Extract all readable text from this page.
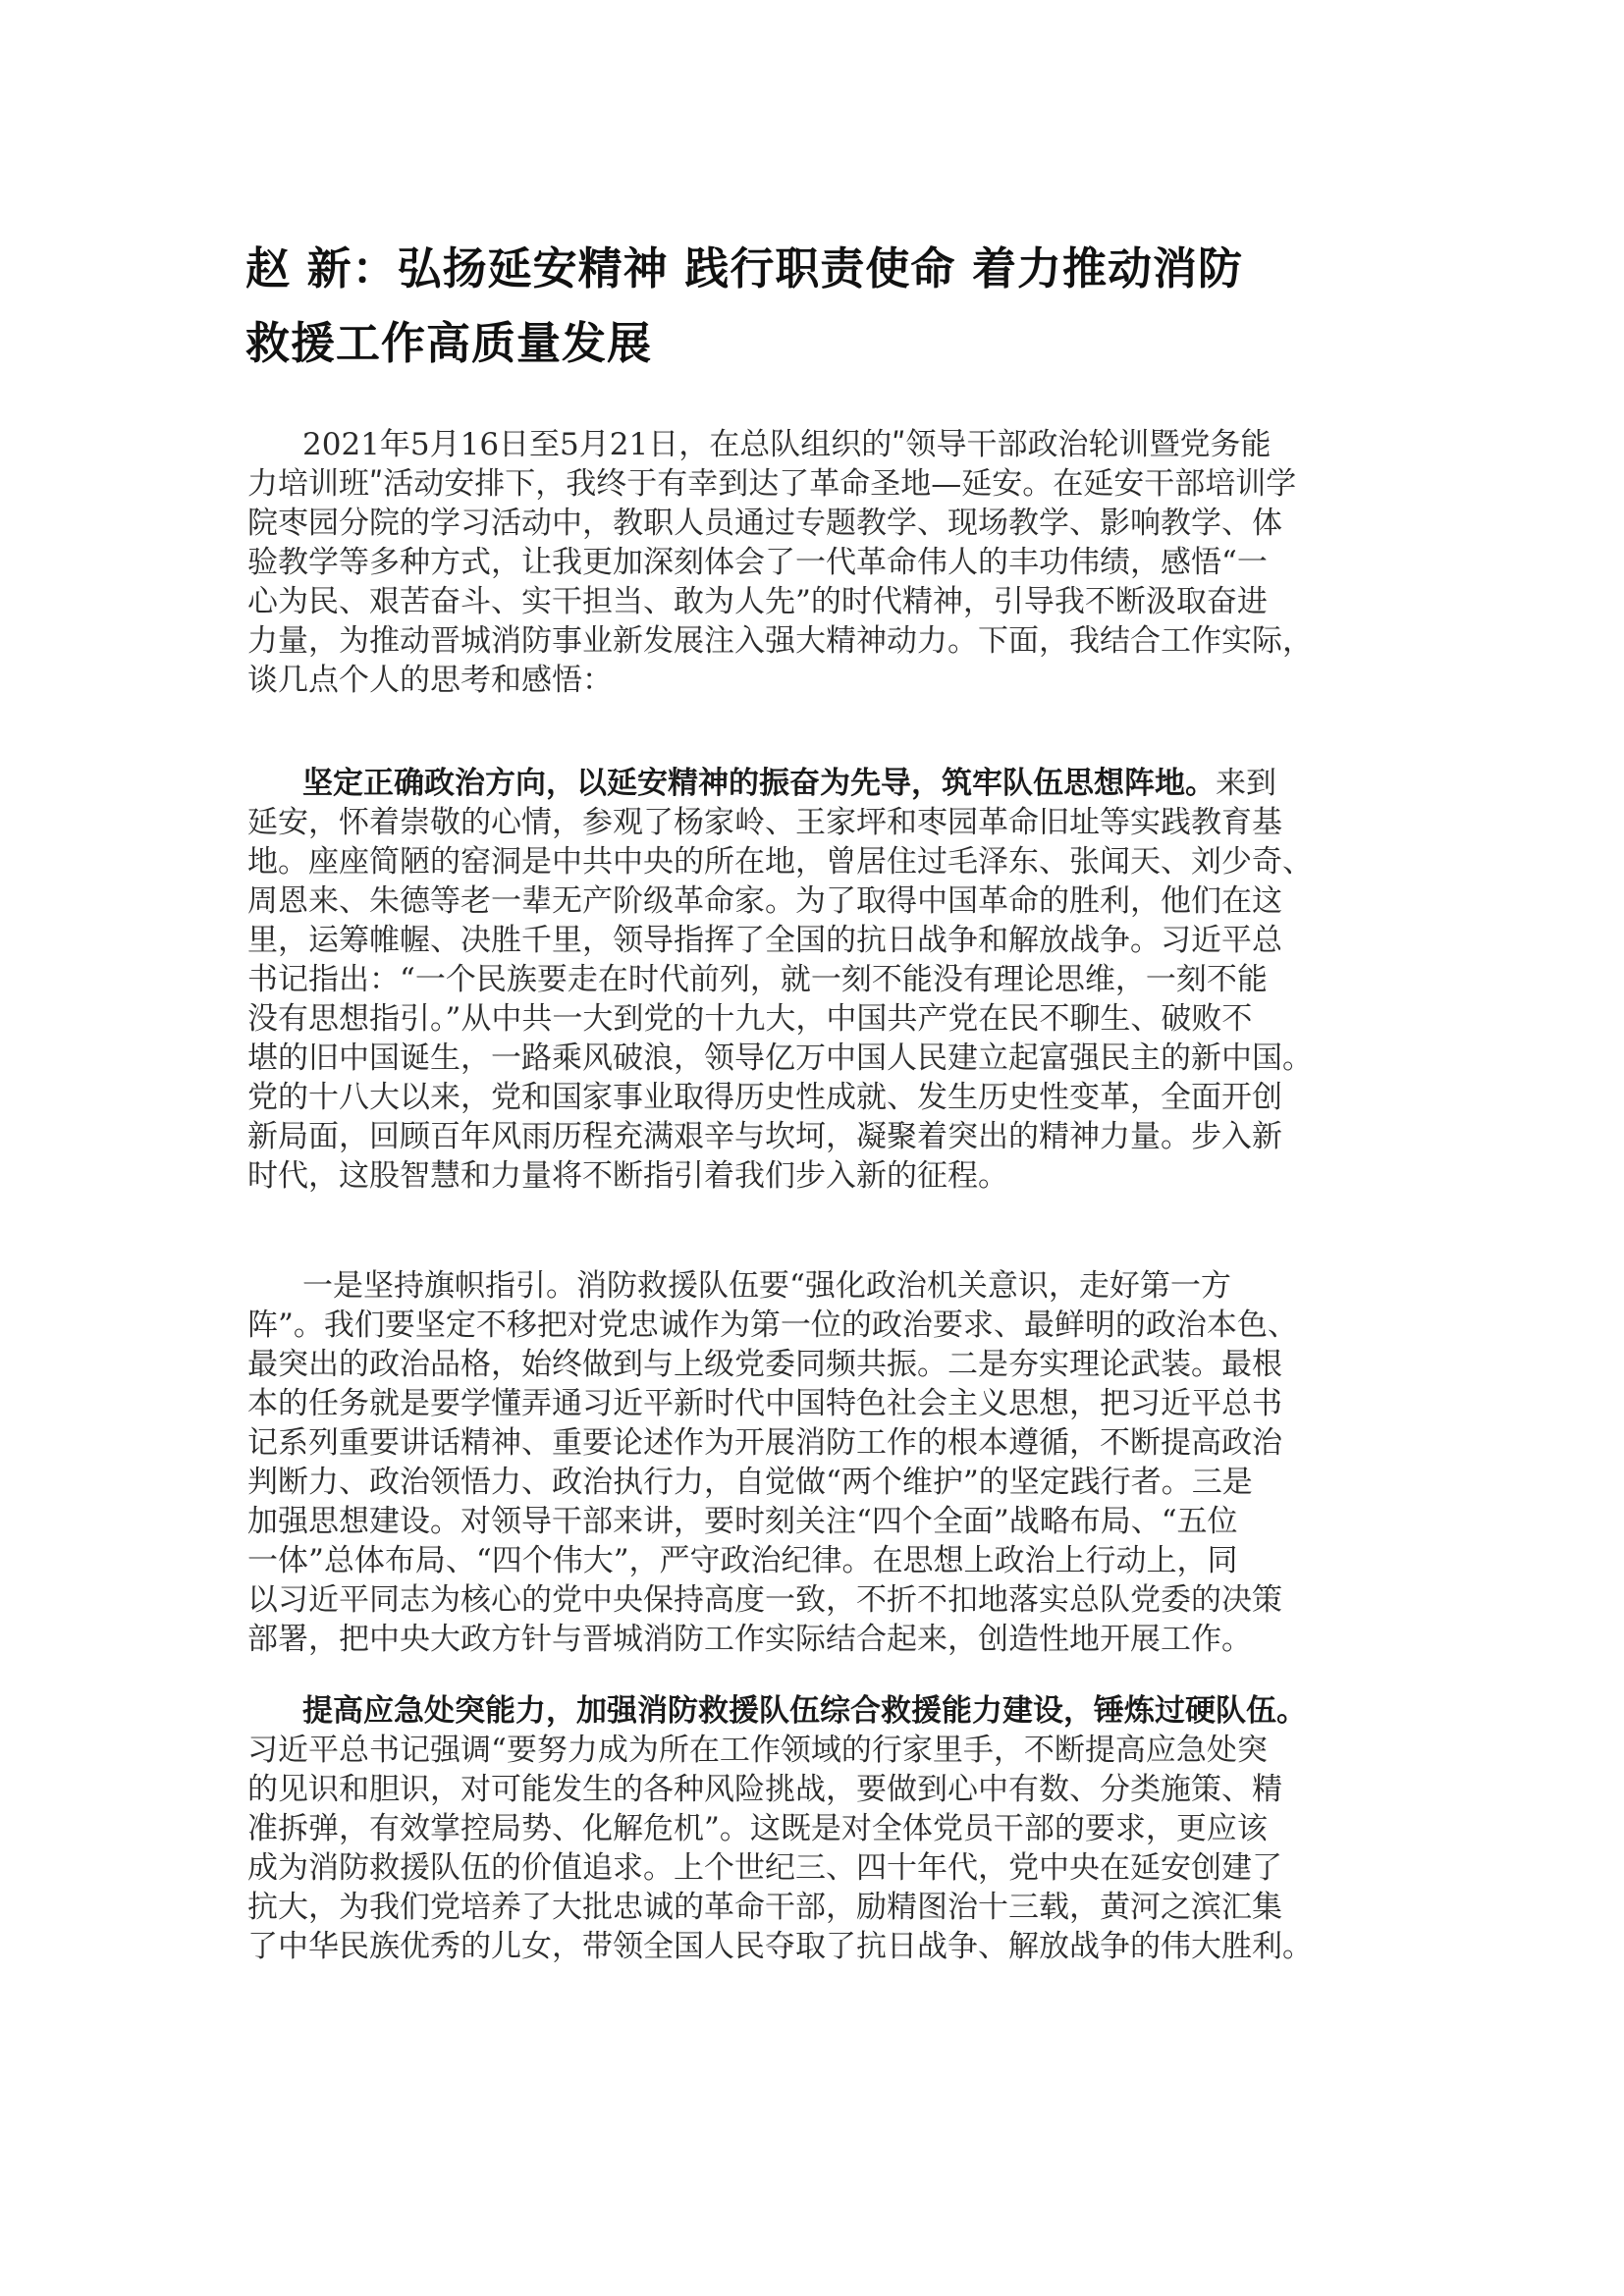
赵 新：弘扬延安精神 践行职责使命 着力推动消防
救援工作高质量发展
2021年5月16日至5月21日，在总队组织的ʺ领导干部政治轮训暨党务能
力培训班ʺ活动安排下，我终于有幸到达了革命圣地—延安。在延安干部培训学
院枣园分院的学习活动中，教职人员通过专题教学、现场教学、影响教学、体
验教学等多种方式，让我更加深刻体会了一代革命伟人的丰功伟绩，感悟“一
心为民、艰苦奋斗、实干担当、敢为人先”的时代精神，引导我不断汲取奋进
力量，为推动晋城消防事业新发展注入强大精神动力。下面，我结合工作实际，
谈几点个人的思考和感悟：
坚定正确政治方向，以延安精神的振奋为先导，筑牢队伍思想阵地。来到
延安，怀着崇敬的心情，参观了杨家岭、王家坪和枣园革命旧址等实践教育基
地。座座简陋的窑洞是中共中央的所在地，曾居住过毛泽东、张闻天、刘少奇、
周恩来、朱德等老一辈无产阶级革命家。为了取得中国革命的胜利，他们在这
里，运筹帷幄、决胜千里，领导指挥了全国的抗日战争和解放战争。习近平总
书记指出：“一个民族要走在时代前列，就一刻不能没有理论思维，一刻不能
没有思想指引。”从中共一大到党的十九大，中国共产党在民不聊生、破败不
堪的旧中国诞生，一路乘风破浪，领导亿万中国人民建立起富强民主的新中国。
党的十八大以来，党和国家事业取得历史性成就、发生历史性变革，全面开创
新局面，回顾百年风雨历程充满艰辛与坎坷，凝聚着突出的精神力量。步入新
时代，这股智慧和力量将不断指引着我们步入新的征程。
一是坚持旗帜指引。消防救援队伍要“强化政治机关意识，走好第一方
阵”。我们要坚定不移把对党忠诚作为第一位的政治要求、最鲜明的政治本色、
最突出的政治品格，始终做到与上级党委同频共振。二是夯实理论武装。最根
本的任务就是要学懂弄通习近平新时代中国特色社会主义思想，把习近平总书
记系列重要讲话精神、重要论述作为开展消防工作的根本遵循，不断提高政治
判断力、政治领悟力、政治执行力，自觉做“两个维护”的坚定践行者。三是
加强思想建设。对领导干部来讲，要时刻关注“四个全面”战略布局、“五位
一体”总体布局、“四个伟大”，严守政治纪律。在思想上政治上行动上，同
以习近平同志为核心的党中央保持高度一致，不折不扣地落实总队党委的决策
部署，把中央大政方针与晋城消防工作实际结合起来，创造性地开展工作。
提高应急处突能力，加强消防救援队伍综合救援能力建设，锤炼过硬队伍。
习近平总书记强调“要努力成为所在工作领域的行家里手，不断提高应急处突
的见识和胆识，对可能发生的各种风险挑战，要做到心中有数、分类施策、精
准拆弹，有效掌控局势、化解危机”。这既是对全体党员干部的要求，更应该
成为消防救援队伍的价值追求。上个世纪三、四十年代，党中央在延安创建了
抗大，为我们党培养了大批忠诚的革命干部，励精图治十三载，黄河之滨汇集
了中华民族优秀的儿女，带领全国人民夺取了抗日战争、解放战争的伟大胜利。
